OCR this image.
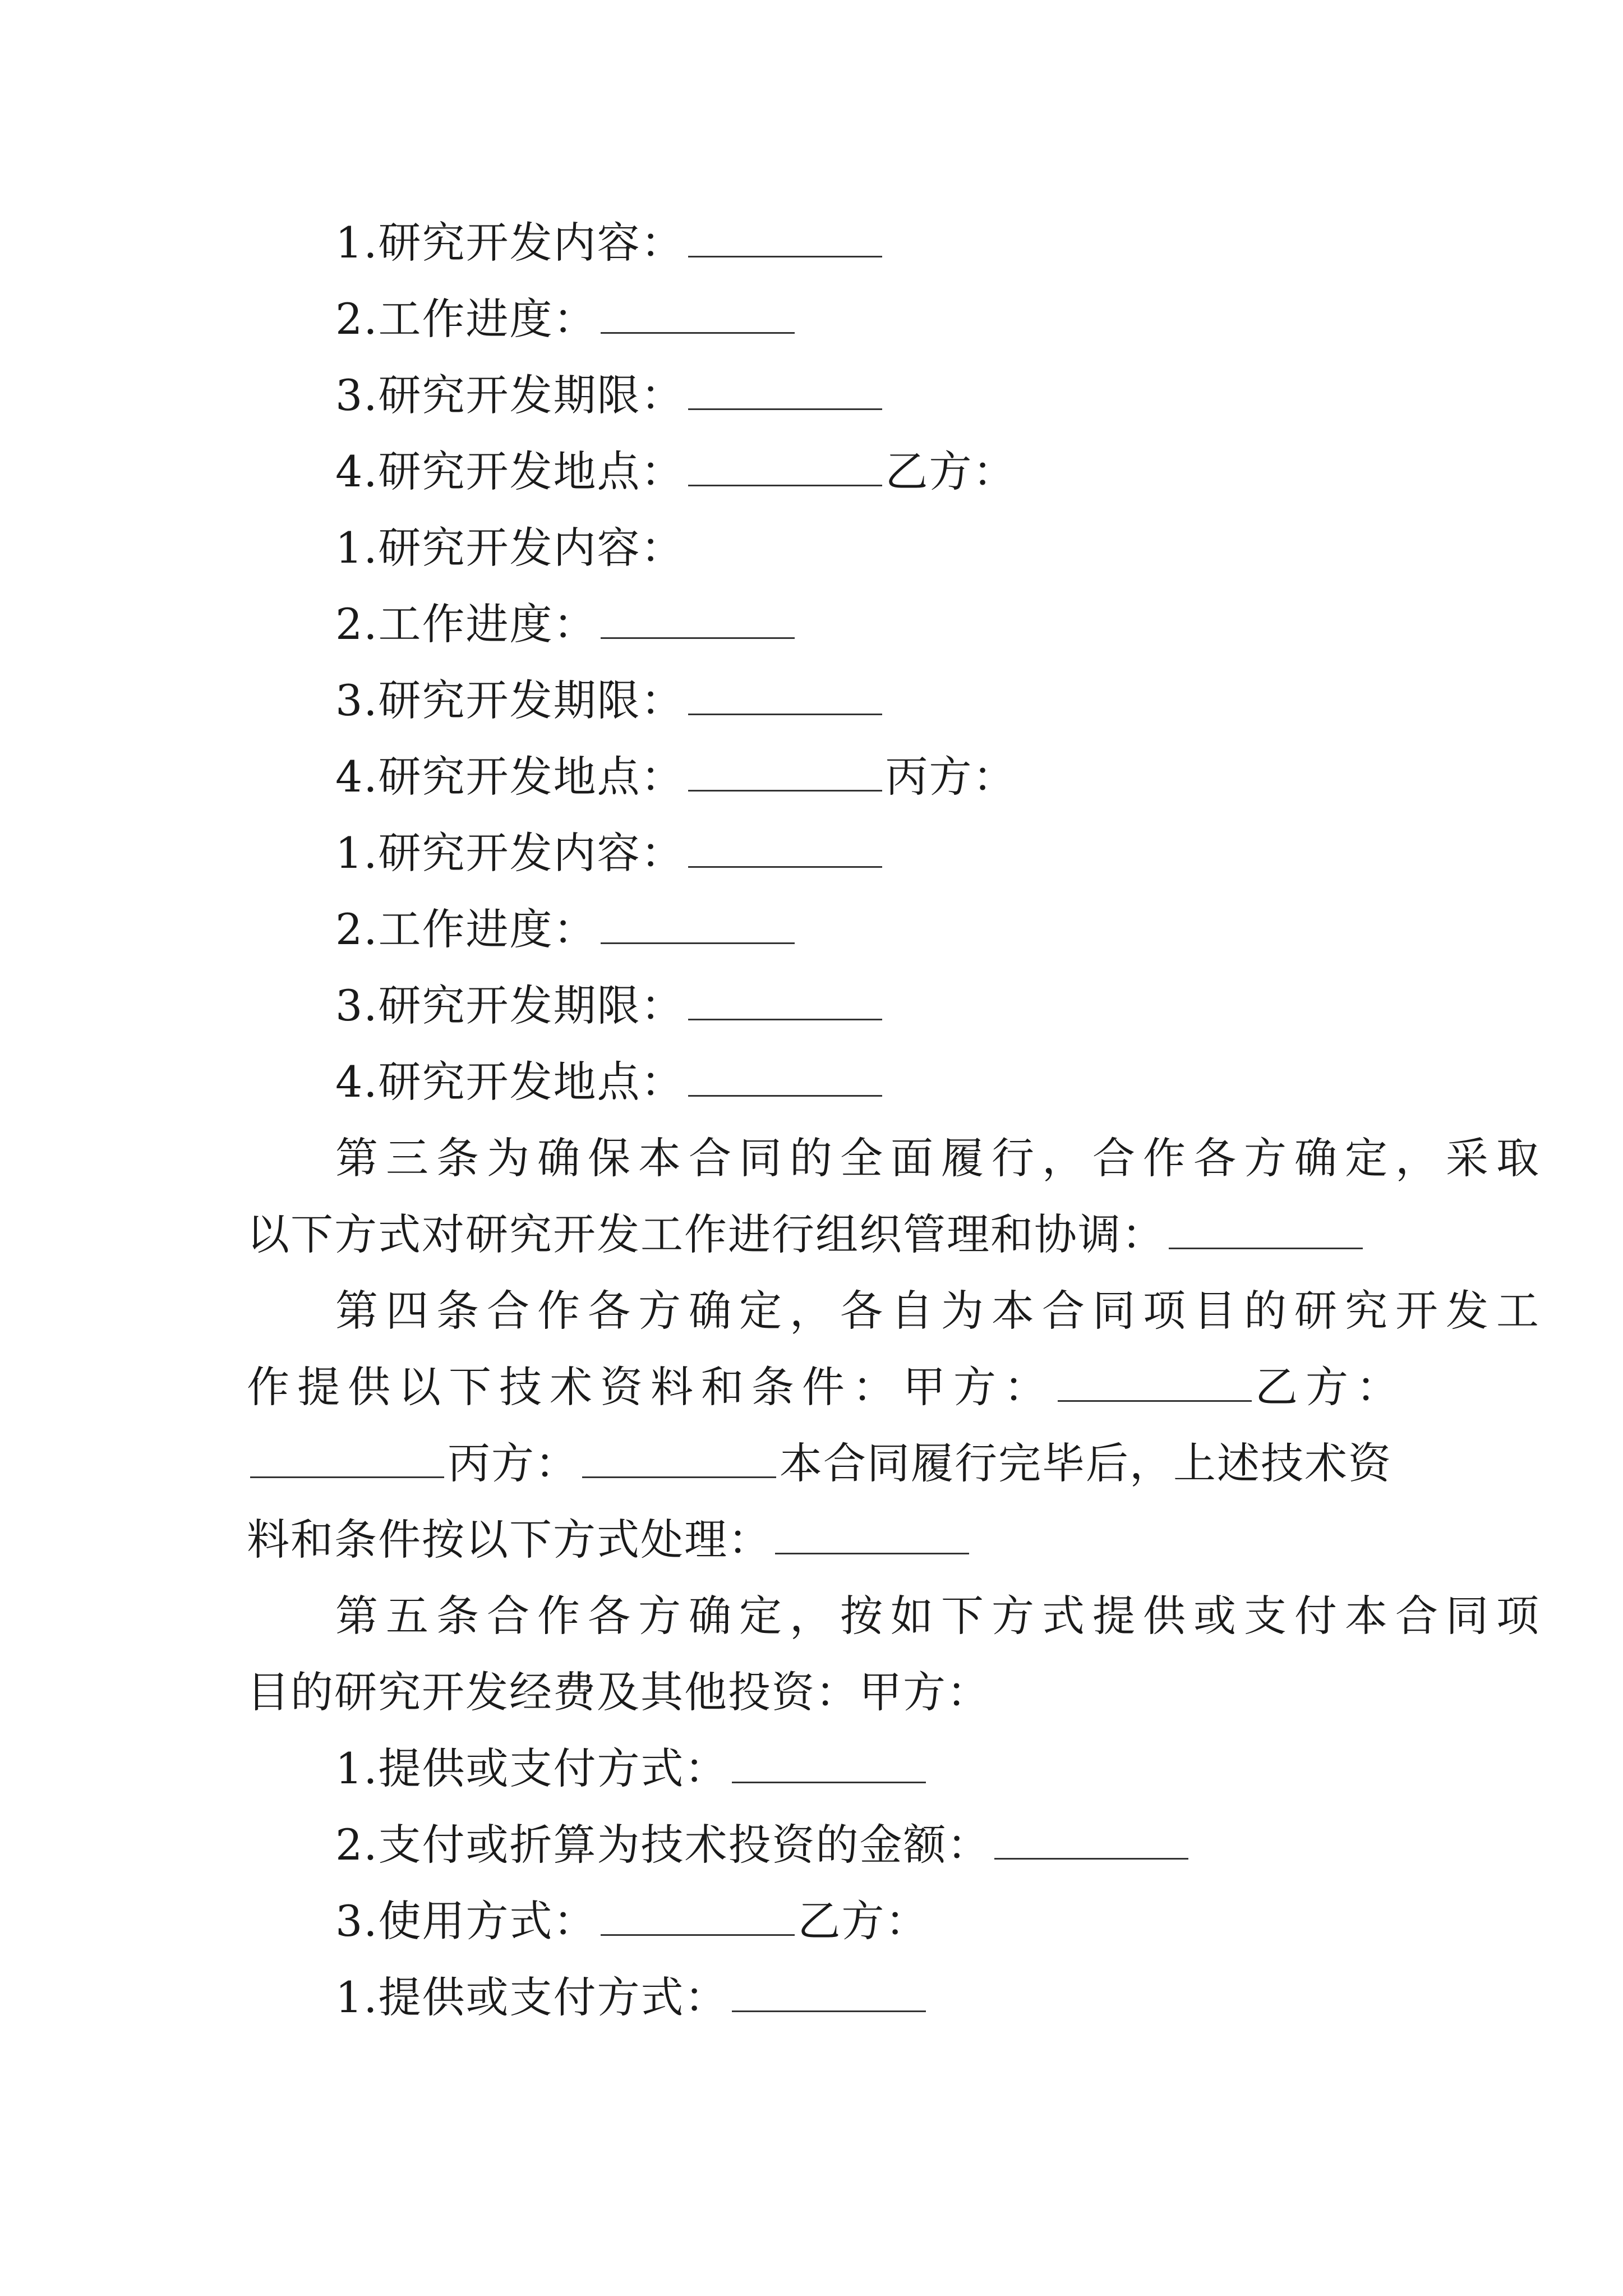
1.研究开发内容：
2.工作进度：
3.研究开发期限：
4.研究开发地点：	乙方：
1.研究开发内容：
2.工作进度：
3.研究开发期限：
4.研究开发地点：	丙方：
1.研究开发内容：
2.工作进度：
3.研究开发期限：
4.研究开发地点：
第三条为确保本合同的全面履行，合作各方确定，采取
以下方式对研究开发工作进行组织管理和协调：
第四条合作各方确定，各自为本合同项目的研究开发工
作提供以下技术资料和条件：甲方：	乙方：
丙方：	本合同履行完毕后，上述技术资
料和条件按以下方式处理：
第五条合作各方确定，按如下方式提供或支付本合同项
目的研究开发经费及其他投资：甲方：
1.提供或支付方式：
2.支付或折算为技术投资的金额：
3.使用方式：	乙方：
1.提供或支付方式：
